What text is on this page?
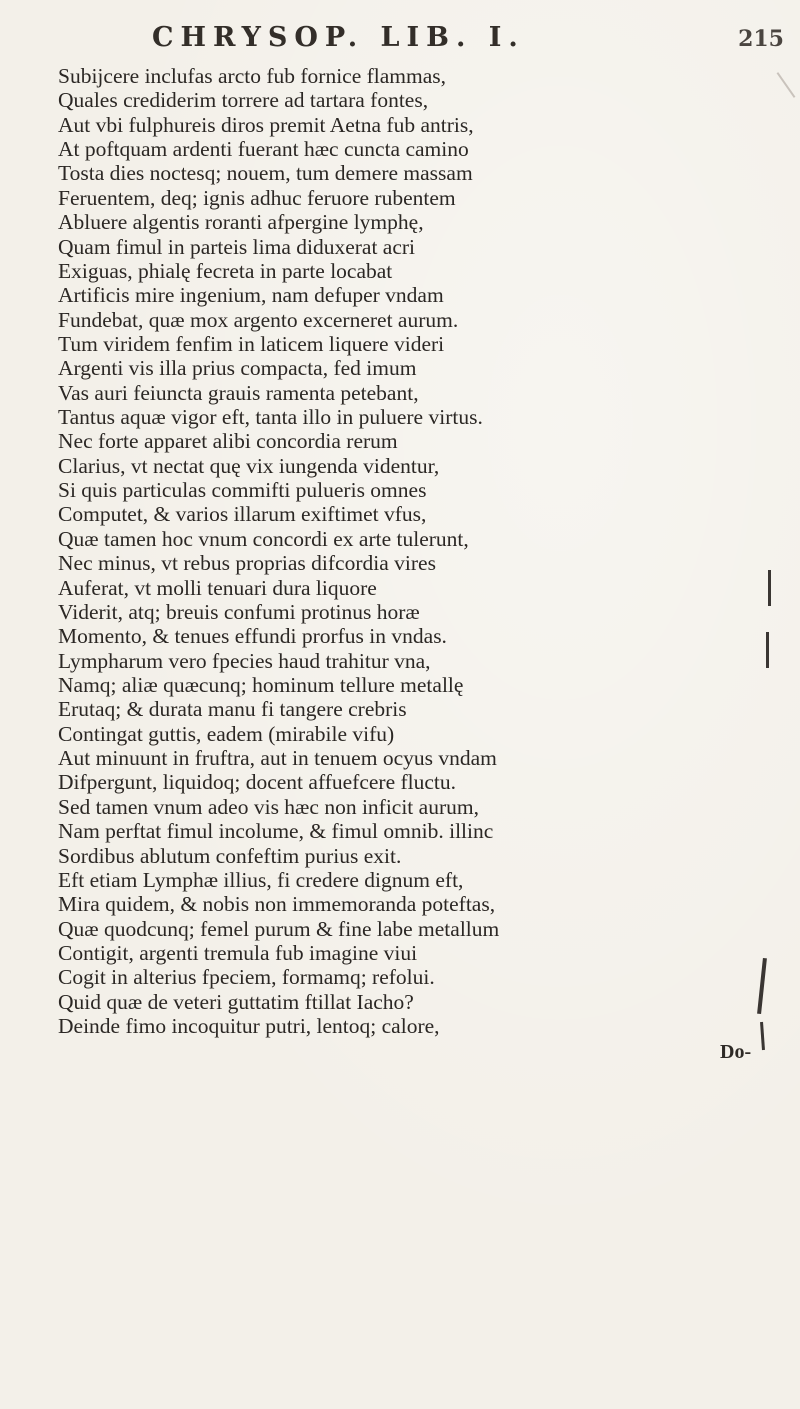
CHRYSOP. LIB. I.	215
Subijcere inclufas arcto fub fornice flammas,
Quales crediderim torrere ad tartara fontes,
Aut vbi fulphureis diros premit Aetna fub antris,
At poftquam ardenti fuerant hæc cuncta camino
Tosta dies noctesq; nouem, tum demere massam
Feruentem, deq; ignis adhuc feruore rubentem
Abluere algentis roranti afpergine lymphę,
Quam fimul in parteis lima diduxerat acri
Exiguas, phialę fecreta in parte locabat
Artificis mire ingenium, nam defuper vndam
Fundebat, quæ mox argento excerneret aurum.
Tum viridem fenfim in laticem liquere videri
Argenti vis illa prius compacta, fed imum
Vas auri feiuncta grauis ramenta petebant,
Tantus aquæ vigor eft, tanta illo in puluere virtus.
Nec forte apparet alibi concordia rerum
Clarius, vt nectat quę vix iungenda videntur,
Si quis particulas commifti pulueris omnes
Computet, & varios illarum exiftimet vfus,
Quæ tamen hoc vnum concordi ex arte tulerunt,
Nec minus, vt rebus proprias difcordia vires
Auferat, vt molli tenuari dura liquore
Viderit, atq; breuis confumi protinus horæ
Momento, & tenues effundi prorfus in vndas.
Lympharum vero fpecies haud trahitur vna,
Namq; aliæ quæcunq; hominum tellure metallę
Erutaq; & durata manu fi tangere crebris
Contingat guttis, eadem (mirabile vifu)
Aut minuunt in fruftra, aut in tenuem ocyus vndam
Difpergunt, liquidoq; docent affuefcere fluctu.
Sed tamen vnum adeo vis hæc non inficit aurum,
Nam perftat fimul incolume, & fimul omnib. illinc
Sordibus ablutum confeftim purius exit.
Eft etiam Lymphæ illius, fi credere dignum eft,
Mira quidem, & nobis non immemoranda poteftas,
Quæ quodcunq; femel purum & fine labe metallum
Contigit, argenti tremula fub imagine viui
Cogit in alterius fpeciem, formamq; refolui.
Quid quæ de veteri guttatim ftillat Iacho?
Deinde fimo incoquitur putri, lentoq; calore,
Do-
